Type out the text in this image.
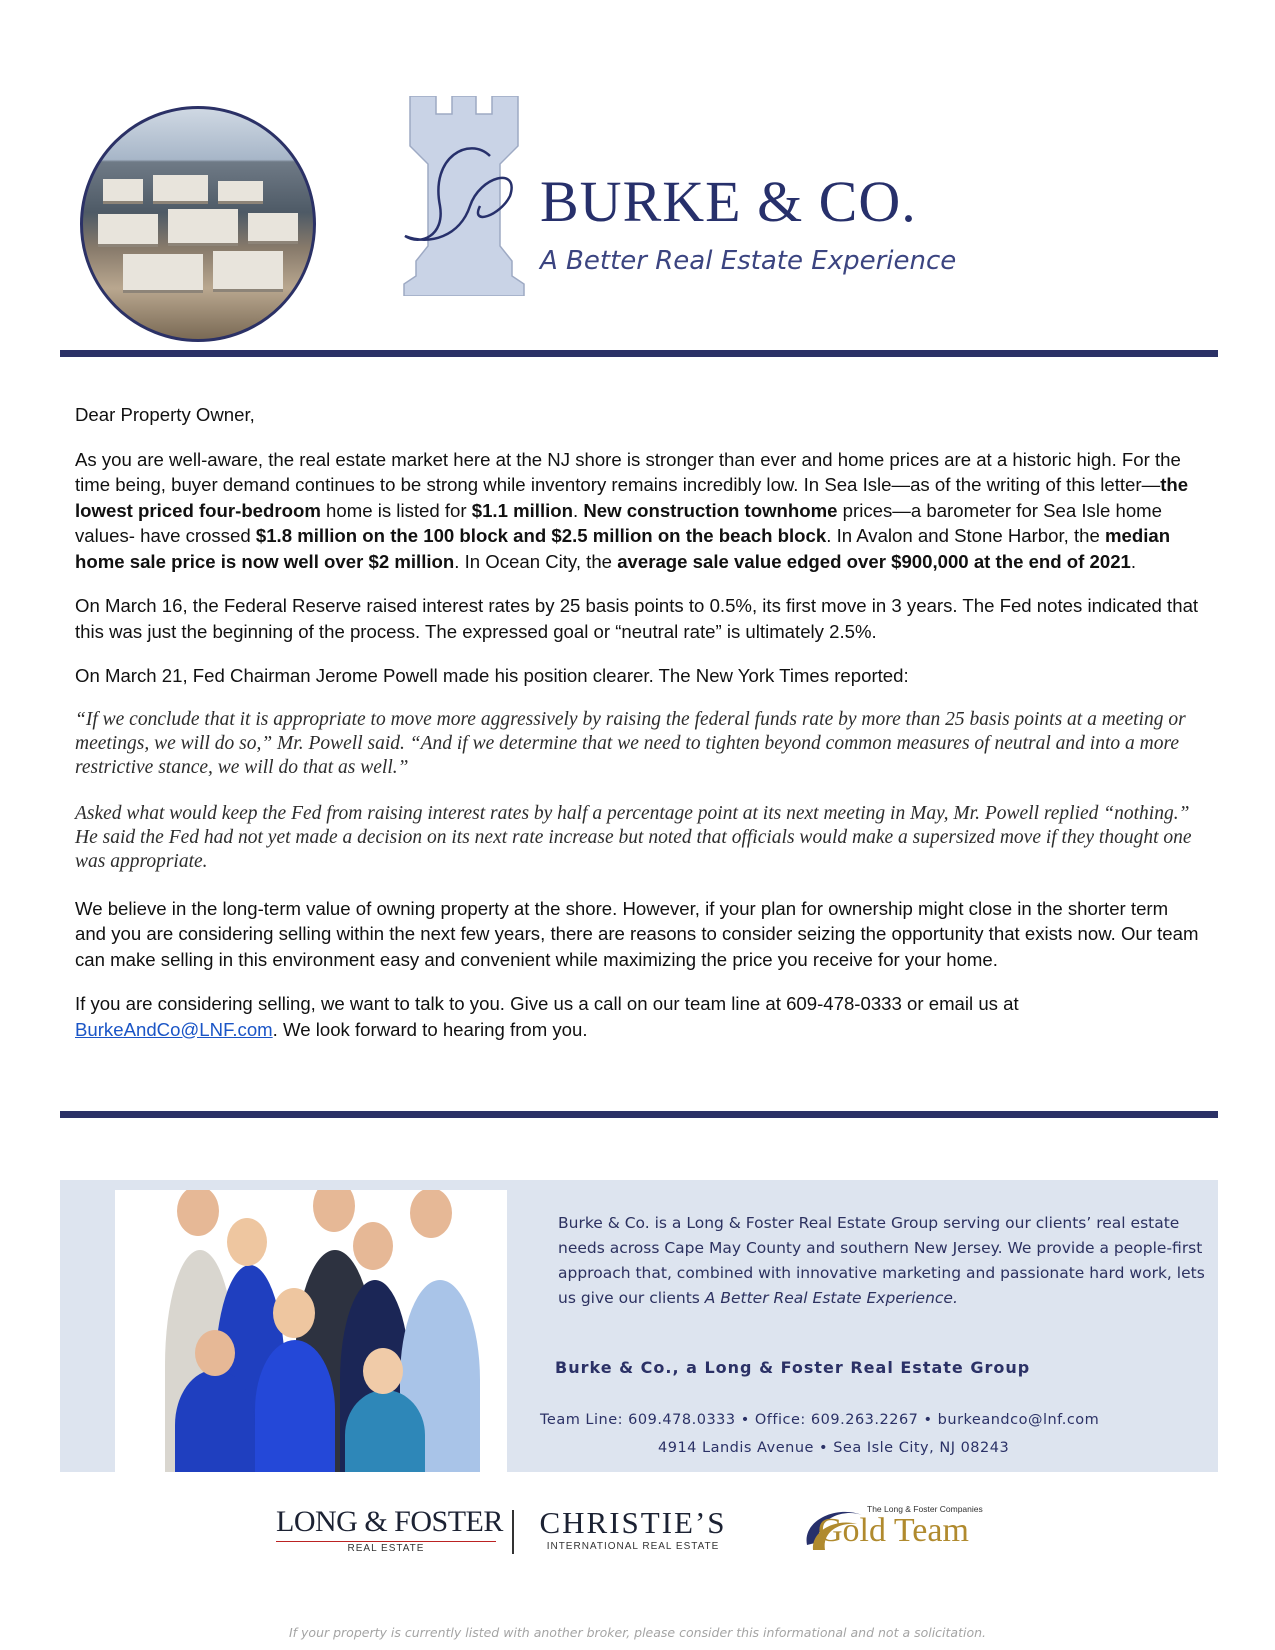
BURKE & CO.
A Better Real Estate Experience

Dear Property Owner,

As you are well-aware, the real estate market here at the NJ shore is stronger than ever and home prices are at a historic high. For the time being, buyer demand continues to be strong while inventory remains incredibly low. In Sea Isle—as of the writing of this letter—the lowest priced four-bedroom home is listed for $1.1 million. New construction townhome prices—a barometer for Sea Isle home values- have crossed $1.8 million on the 100 block and $2.5 million on the beach block. In Avalon and Stone Harbor, the median home sale price is now well over $2 million. In Ocean City, the average sale value edged over $900,000 at the end of 2021.

On March 16, the Federal Reserve raised interest rates by 25 basis points to 0.5%, its first move in 3 years. The Fed notes indicated that this was just the beginning of the process. The expressed goal or “neutral rate” is ultimately 2.5%.

On March 21, Fed Chairman Jerome Powell made his position clearer. The New York Times reported:

“If we conclude that it is appropriate to move more aggressively by raising the federal funds rate by more than 25 basis points at a meeting or meetings, we will do so,” Mr. Powell said. “And if we determine that we need to tighten beyond common measures of neutral and into a more restrictive stance, we will do that as well.”

Asked what would keep the Fed from raising interest rates by half a percentage point at its next meeting in May, Mr. Powell replied “nothing.” He said the Fed had not yet made a decision on its next rate increase but noted that officials would make a supersized move if they thought one was appropriate.

We believe in the long-term value of owning property at the shore. However, if your plan for ownership might close in the shorter term and you are considering selling within the next few years, there are reasons to consider seizing the opportunity that exists now. Our team can make selling in this environment easy and convenient while maximizing the price you receive for your home.

If you are considering selling, we want to talk to you. Give us a call on our team line at 609-478-0333 or email us at BurkeAndCo@LNF.com. We look forward to hearing from you.

Burke & Co. is a Long & Foster Real Estate Group serving our clients’ real estate needs across Cape May County and southern New Jersey. We provide a people-first approach that, combined with innovative marketing and passionate hard work, lets us give our clients A Better Real Estate Experience.
Burke & Co., a Long & Foster Real Estate Group
Team Line: 609.478.0333 • Office: 609.263.2267 • burkeandco@lnf.com
4914 Landis Avenue • Sea Isle City, NJ 08243
LONG & FOSTER
REAL ESTATE
CHRISTIE’S
INTERNATIONAL REAL ESTATE
The Long & Foster Companies
Gold Team
If your property is currently listed with another broker, please consider this informational and not a solicitation.
